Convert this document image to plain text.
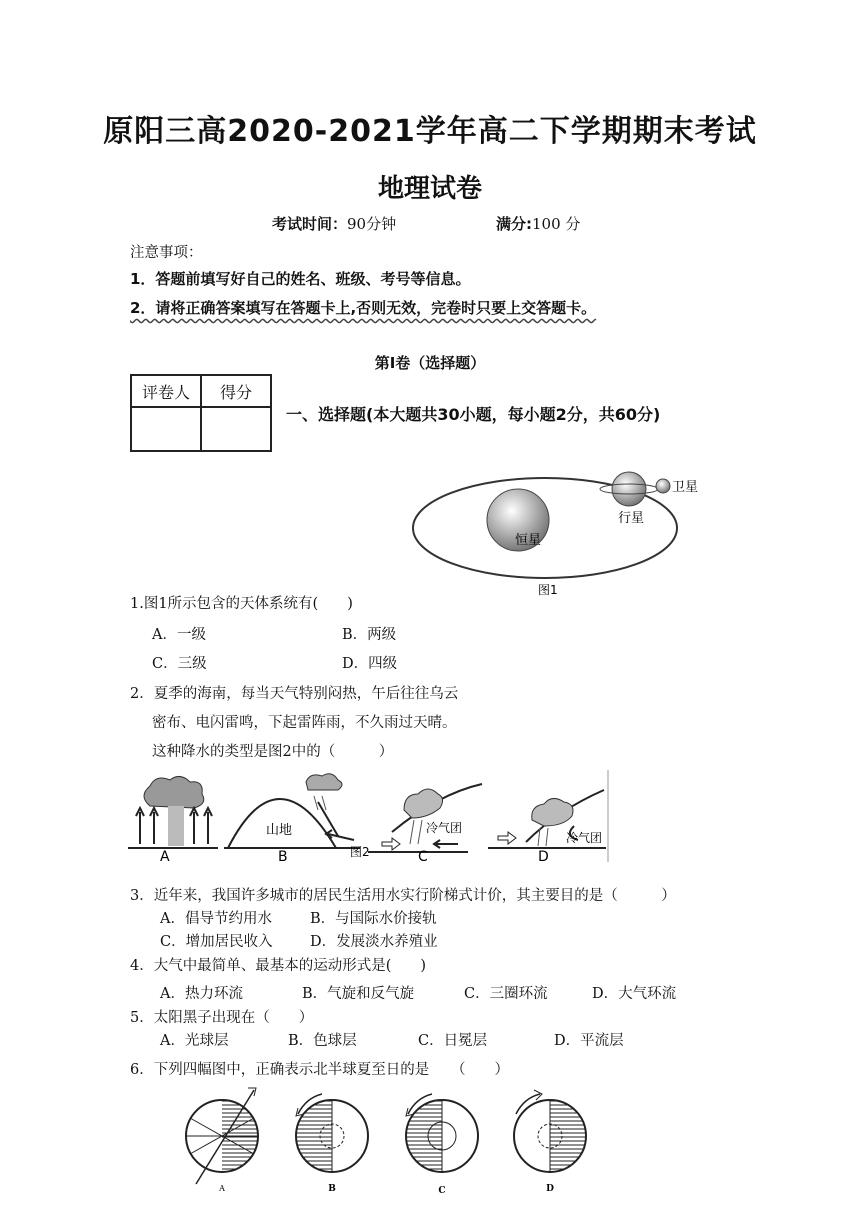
原阳三高2020-2021学年高二下学期期末考试
地理试卷
考试时间：90分钟	满分:100 分
注意事项：
1．答题前填写好自己的姓名、班级、考号等信息。
2．请将正确答案填写在答题卡上,否则无效，完卷时只要上交答题卡。
第Ⅰ卷（选择题）
评卷人	得分

一、选择题(本大题共30小题，每小题2分，共60分)
恒星
行星
卫星
图1
1.图1所示包含的天体系统有(　　)
A．一级	B．两级
C．三级	D．四级
2．夏季的海南，每当天气特别闷热，午后往往乌云
密布、电闪雷鸣，下起雷阵雨，不久雨过天晴。
这种降水的类型是图2中的（　　　）
山地	冷气团
图2
冷气团
A	B	C	D
3．近年来，我国许多城市的居民生活用水实行阶梯式计价，其主要目的是（　　　）
A．倡导节约用水	B．与国际水价接轨
C．增加居民收入	D．发展淡水养殖业
4．大气中最简单、最基本的运动形式是(　　)
A．热力环流	B．气旋和反气旋	C．三圈环流	D．大气环流
5．太阳黑子出现在（　　）
A．光球层	B．色球层	C．日冕层	D．平流层
6．下列四幅图中，正确表示北半球夏至日的是　　（　　）
A	B	C	D
